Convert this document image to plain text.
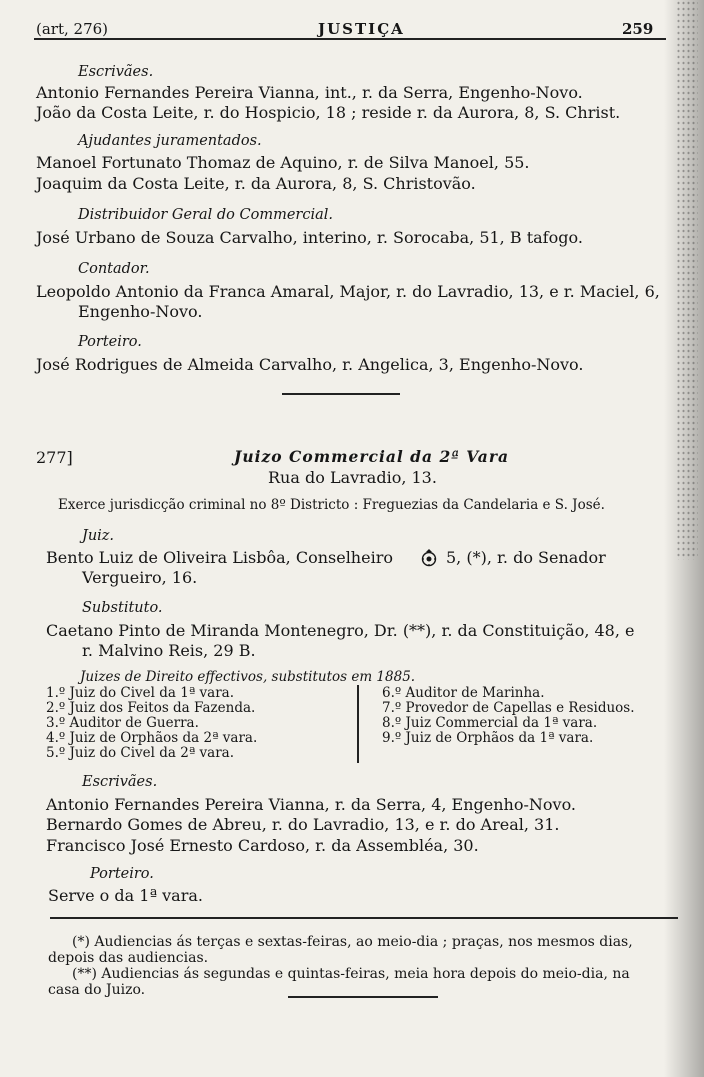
(art, 276)	JUSTIÇA	259
Escrivães.
Antonio Fernandes Pereira Vianna, int., r. da Serra, Engenho-Novo.
João da Costa Leite, r. do Hospicio, 18 ; reside r. da Aurora, 8, S. Christ.
Ajudantes juramentados.
Manoel Fortunato Thomaz de Aquino, r. de Silva Manoel, 55.
Joaquim da Costa Leite, r. da Aurora, 8, S. Christovão.
Distribuidor Geral do Commercial.
José Urbano de Souza Carvalho, interino, r. Sorocaba, 51, B tafogo.
Contador.
Leopoldo Antonio da Franca Amaral, Major, r. do Lavradio, 13, e r. Maciel, 6,
Engenho-Novo.
Porteiro.
José Rodrigues de Almeida Carvalho, r. Angelica, 3, Engenho-Novo.
277]	Juizo Commercial da 2ª Vara
Rua do Lavradio, 13.
Exerce jurisdicção criminal no 8º Districto : Freguezias da Candelaria e S. José.
Juiz.
Bento Luiz de Oliveira Lisbôa, Conselheiro	5, (*), r. do Senador
Vergueiro, 16.
Substituto.
Caetano Pinto de Miranda Montenegro, Dr. (**), r. da Constituição, 48, e
r. Malvino Reis, 29 B.
Juizes de Direito effectivos, substitutos em 1885.
1.º Juiz do Civel da 1ª vara.
2.º Juiz dos Feitos da Fazenda.
3.º Auditor de Guerra.
4.º Juiz de Orphãos da 2ª vara.
5.º Juiz do Civel da 2ª vara.
6.º Auditor de Marinha.
7.º Provedor de Capellas e Residuos.
8.º Juiz Commercial da 1ª vara.
9.º Juiz de Orphãos da 1ª vara.
Escrivães.
Antonio Fernandes Pereira Vianna, r. da Serra, 4, Engenho-Novo.
Bernardo Gomes de Abreu, r. do Lavradio, 13, e r. do Areal, 31.
Francisco José Ernesto Cardoso, r. da Assembléa, 30.
Porteiro.
Serve o da 1ª vara.
(*) Audiencias ás terças e sextas-feiras, ao meio-dia ; praças, nos mesmos dias,
depois das audiencias.
(**) Audiencias ás segundas e quintas-feiras, meia hora depois do meio-dia, na
casa do Juizo.
